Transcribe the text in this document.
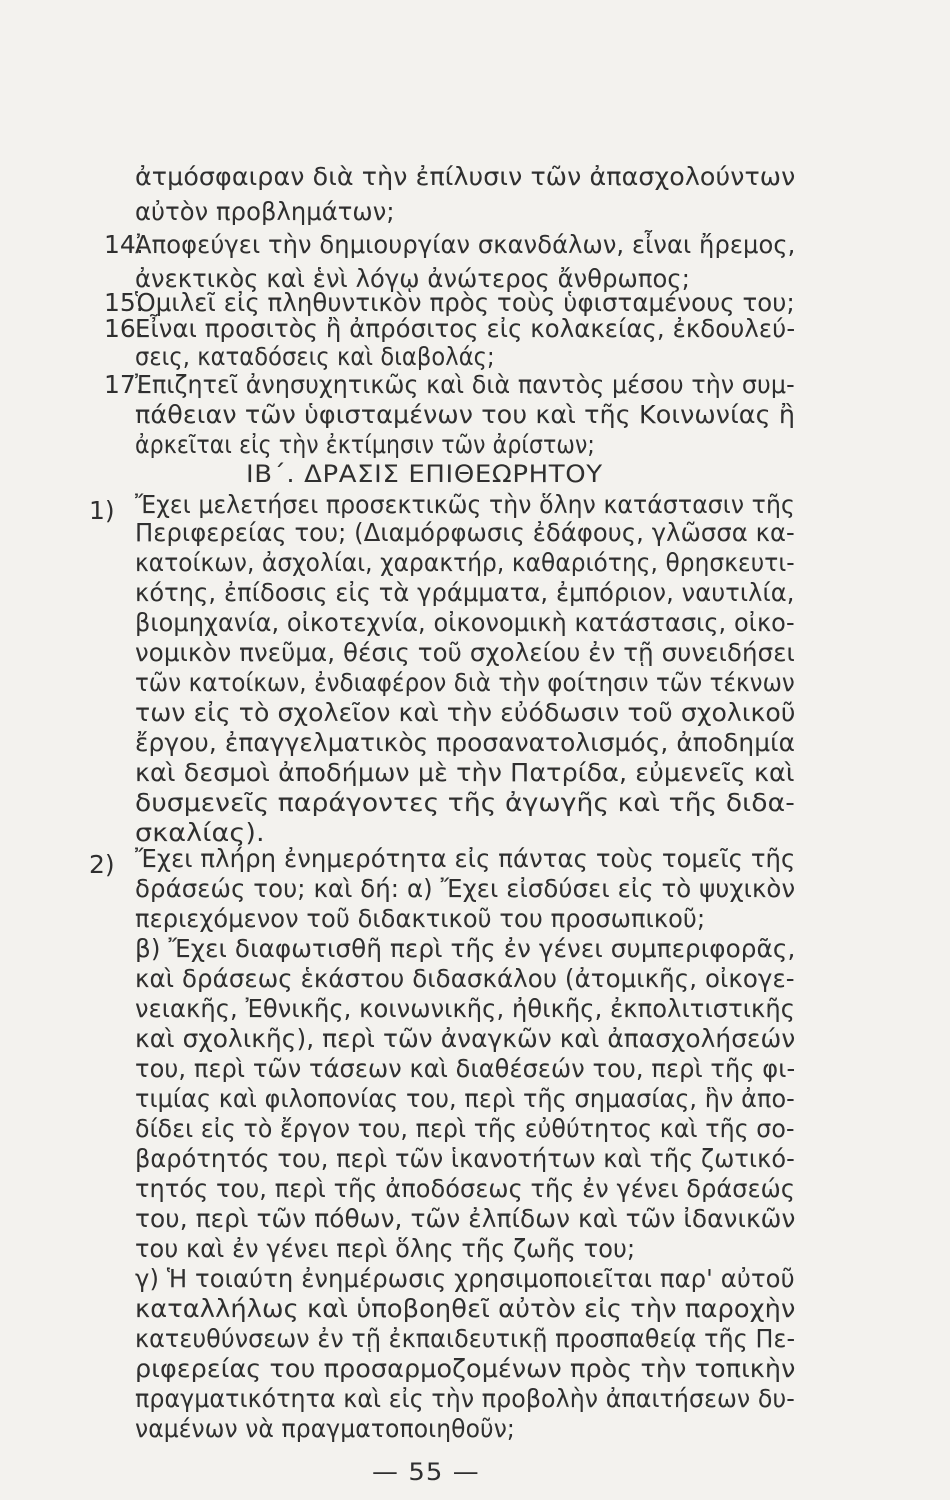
ἀτμόσφαιραν διὰ τὴν ἐπίλυσιν τῶν ἀπασχολούντων
αὐτὸν προβλημάτων;
14.
Ἀποφεύγει τὴν δημιουργίαν σκανδάλων, εἶναι ἤρεμος,
ἀνεκτικὸς καὶ ἑνὶ λόγῳ ἀνώτερος ἄνθρωπος;
15.
Ὁμιλεῖ εἰς πληθυντικὸν πρὸς τοὺς ὑφισταμένους του;
16.
Εἶναι προσιτὸς ἢ ἀπρόσιτος εἰς κολακείας, ἐκδουλεύ-
σεις, καταδόσεις καὶ διαβολάς;
17.
Ἐπιζητεῖ ἀνησυχητικῶς καὶ διὰ παντὸς μέσου τὴν συμ-
πάθειαν τῶν ὑφισταμένων του καὶ τῆς Κοινωνίας ἢ
ἀρκεῖται εἰς τὴν ἐκτίμησιν τῶν ἀρίστων;
ΙΒ΄. ΔΡΑΣΙΣ ΕΠΙΘΕΩΡΗΤΟΥ
1) Ἔχει μελετήσει προσεκτικῶς τὴν ὅλην κατάστασιν τῆς
Περιφερείας του; (Διαμόρφωσις ἐδάφους, γλῶσσα κα-
κατοίκων, ἀσχολίαι, χαρακτήρ, καθαριότης, θρησκευτι-
κότης, ἐπίδοσις εἰς τὰ γράμματα, ἐμπόριον, ναυτιλία,
βιομηχανία, οἰκοτεχνία, οἰκονομικὴ κατάστασις, οἰκο-
νομικὸν πνεῦμα, θέσις τοῦ σχολείου ἐν τῇ συνειδήσει
τῶν κατοίκων, ἐνδιαφέρον διὰ τὴν φοίτησιν τῶν τέκνων
των εἰς τὸ σχολεῖον καὶ τὴν εὐόδωσιν τοῦ σχολικοῦ
ἔργου, ἐπαγγελματικὸς προσανατολισμός, ἀποδημία
καὶ δεσμοὶ ἀποδήμων μὲ τὴν Πατρίδα, εὐμενεῖς καὶ
δυσμενεῖς παράγοντες τῆς ἀγωγῆς καὶ τῆς διδα-
σκαλίας).
2) Ἔχει πλήρη ἐνημερότητα εἰς πάντας τοὺς τομεῖς τῆς
δράσεώς του; καὶ δή: α) Ἔχει εἰσδύσει εἰς τὸ ψυχικὸν
περιεχόμενον τοῦ διδακτικοῦ του προσωπικοῦ;
β) Ἔχει διαφωτισθῆ περὶ τῆς ἐν γένει συμπεριφορᾶς,
καὶ δράσεως ἑκάστου διδασκάλου (ἀτομικῆς, οἰκογε-
νειακῆς, Ἐθνικῆς, κοινωνικῆς, ἠθικῆς, ἐκπολιτιστικῆς
καὶ σχολικῆς), περὶ τῶν ἀναγκῶν καὶ ἀπασχολήσεών
του, περὶ τῶν τάσεων καὶ διαθέσεών του, περὶ τῆς φι-
τιμίας καὶ φιλοπονίας του, περὶ τῆς σημασίας, ἣν ἀπο-
δίδει εἰς τὸ ἔργον του, περὶ τῆς εὐθύτητος καὶ τῆς σο-
βαρότητός του, περὶ τῶν ἱκανοτήτων καὶ τῆς ζωτικό-
τητός του, περὶ τῆς ἀποδόσεως τῆς ἐν γένει δράσεώς
του, περὶ τῶν πόθων, τῶν ἐλπίδων καὶ τῶν ἰδανικῶν
του καὶ ἐν γένει περὶ ὅλης τῆς ζωῆς του;
γ) Ἡ τοιαύτη ἐνημέρωσις χρησιμοποιεῖται παρ' αὐτοῦ
καταλλήλως καὶ ὑποβοηθεῖ αὐτὸν εἰς τὴν παροχὴν
κατευθύνσεων ἐν τῇ ἐκπαιδευτικῇ προσπαθείᾳ τῆς Πε-
ριφερείας του προσαρμοζομένων πρὸς τὴν τοπικὴν
πραγματικότητα καὶ εἰς τὴν προβολὴν ἀπαιτήσεων δυ-
ναμένων νὰ πραγματοποιηθοῦν;
— 55 —
